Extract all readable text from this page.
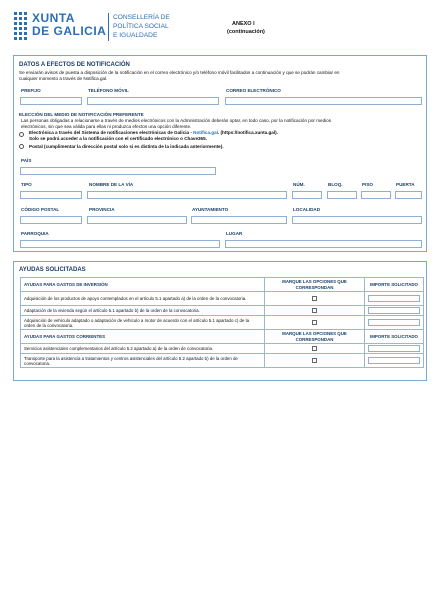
XUNTA
DE GALICIA
CONSELLERÍA DE
POLÍTICA SOCIAL
E IGUALDADE
ANEXO I
(continuación)
DATOS A EFECTOS DE NOTIFICACIÓN
Se enviarán avisos de puesta a disposición de la notificación en el correo electrónico y/o teléfono móvil facilitados a continuación y que se podrán cambiar en
cualquier momento a través de Notifica.gal.
PREFIJO	TELÉFONO MÓVIL	CORREO ELECTRÓNICO
ELECCIÓN DEL MEDIO DE NOTIFICACIÓN PREFERENTE
Las personas obligadas a relacionarse a través de medios electrónicos con la Administración deberán optar, en todo caso, por la notificación por medios
electrónicos, sin que sea válida para ellas ni produzca efectos una opción diferente.
Electrónica a través del Sistema de notificaciones electrónicas de Galicia - Notifica.gal. (https://notifica.xunta.gal).
Solo se podrá acceder a la notificación con el certificado electrónico o Chave365.
Postal (cumplimentar la dirección postal solo si es distinta de la indicada anteriormente).
PAÍS
TIPO	NOMBRE DE LA VÍA	NÚM.	BLOQ.	PISO	PUERTA
CÓDIGO POSTAL	PROVINCIA	AYUNTAMIENTO	LOCALIDAD
PARROQUIA	LUGAR
AYUDAS SOLICITADAS
AYUDAS PARA GASTOS DE INVERSIÓN	MARQUE LAS OPCIONES QUE CORRESPONDAN	IMPORTE SOLICITADO
Adquisición de los productos de apoyo contemplados en el artículo 5.1 apartado a) de la orden de la convocatoria.	

Adaptación de la vivienda según el artículo 5.1 apartado b) de la orden de la convocatoria.	

Adquisición de vehículo adaptado o adaptación de vehículo a motor de acuerdo con el artículo 5.1 apartado c) de la orden de la convocatoria.	

AYUDAS PARA GASTOS CORRIENTES	MARQUE LAS OPCIONES QUE CORRESPONDAN	IMPORTE SOLICITADO
Servicios asistenciales complementarios del artículo 5.2 apartado a) de la orden de convocatoria.	

Transporte para la asistencia a tratamientos y centros asistenciales del artículo 5.2 apartado b) de la orden de convocatoria.	
